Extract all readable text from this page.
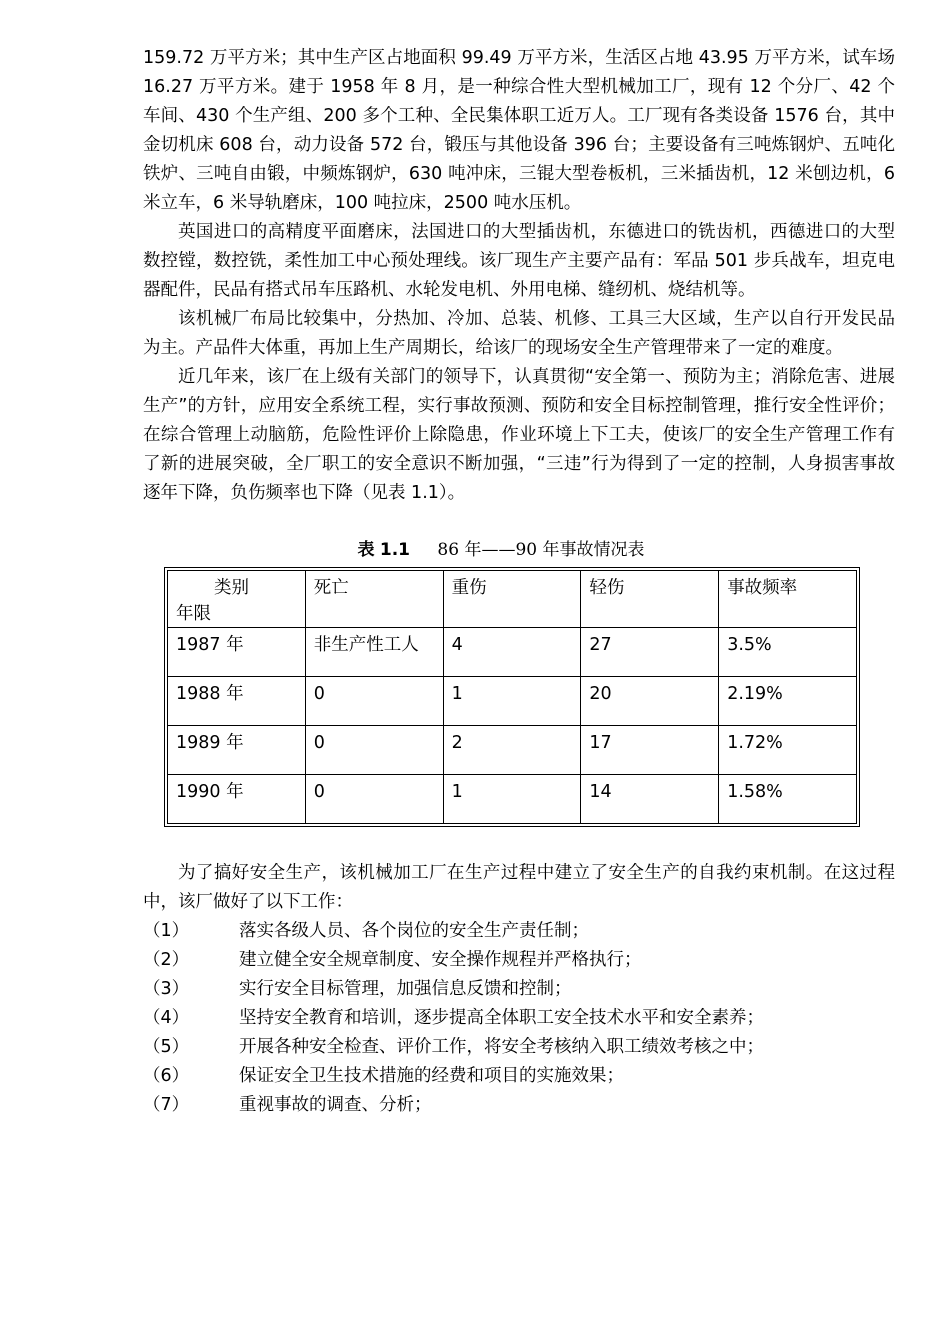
159.72 万平方米；其中生产区占地面积 99.49 万平方米，生活区占地 43.95 万平方米，试车场 16.27 万平方米。建于 1958 年 8 月，是一种综合性大型机械加工厂，现有 12 个分厂、42 个车间、430 个生产组、200 多个工种、全民集体职工近万人。工厂现有各类设备 1576 台，其中金切机床 608 台，动力设备 572 台，锻压与其他设备 396 台；主要设备有三吨炼钢炉、五吨化铁炉、三吨自由锻，中频炼钢炉，630 吨冲床，三锟大型卷板机，三米插齿机，12 米刨边机，6 米立车，6 米导轨磨床，100 吨拉床，2500 吨水压机。

英国进口的高精度平面磨床，法国进口的大型插齿机，东德进口的铣齿机，西德进口的大型数控镗，数控铣，柔性加工中心预处理线。该厂现生产主要产品有：军品 501 步兵战车，坦克电器配件，民品有搭式吊车压路机、水轮发电机、外用电梯、缝纫机、烧结机等。

该机械厂布局比较集中，分热加、冷加、总装、机修、工具三大区域，生产以自行开发民品为主。产品件大体重，再加上生产周期长，给该厂的现场安全生产管理带来了一定的难度。

近几年来，该厂在上级有关部门的领导下，认真贯彻“安全第一、预防为主；消除危害、进展生产”的方针，应用安全系统工程，实行事故预测、预防和安全目标控制管理，推行安全性评价；在综合管理上动脑筋，危险性评价上除隐患，作业环境上下工夫，使该厂的安全生产管理工作有了新的进展突破，全厂职工的安全意识不断加强，“三违”行为得到了一定的控制，人身损害事故逐年下降，负伤频率也下降（见表 1.1）。

表 1.1 86 年——90 年事故情况表
类别
年限	死亡	重伤	轻伤	事故频率
1987 年	非生产性工人	4	27	3.5%
1988 年	0	1	20	2.19%
1989 年	0	2	17	1.72%
1990 年	0	1	14	1.58%

为了搞好安全生产，该机械加工厂在生产过程中建立了安全生产的自我约束机制。在这过程中，该厂做好了以下工作：

（1）	落实各级人员、各个岗位的安全生产责任制；
（2）	建立健全安全规章制度、安全操作规程并严格执行；
（3）	实行安全目标管理，加强信息反馈和控制；
（4）	坚持安全教育和培训，逐步提高全体职工安全技术水平和安全素养；
（5）	开展各种安全检查、评价工作，将安全考核纳入职工绩效考核之中；
（6）	保证安全卫生技术措施的经费和项目的实施效果；
（7）	重视事故的调查、分析；
